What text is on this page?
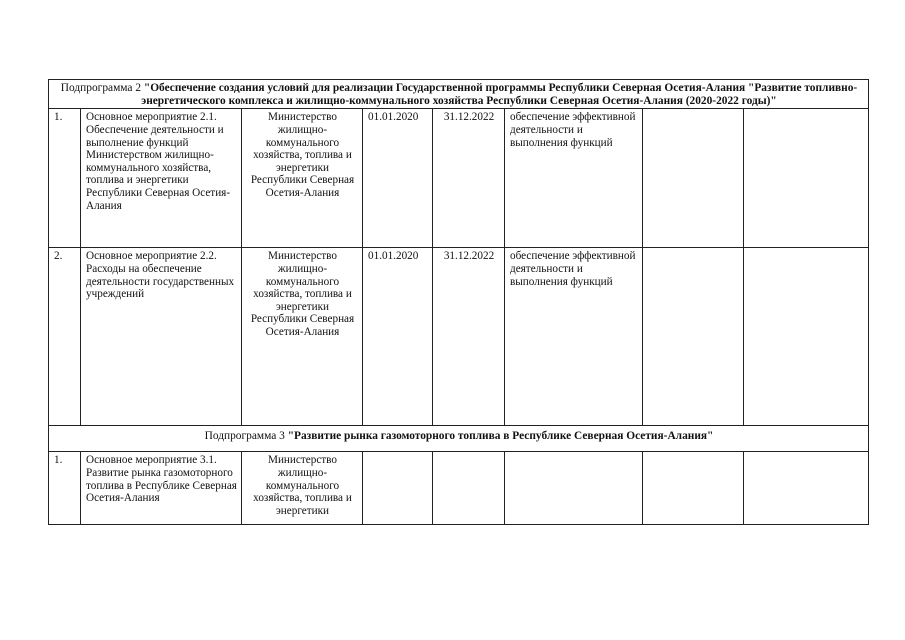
Подпрограмма 2 "Обеспечение создания условий для реализации Государственной программы Республики Северная Осетия-Алания "Развитие топливно-энергетического комплекса и жилищно-коммунального хозяйства Республики Северная Осетия-Алания (2020-2022 годы)"							
1.	Основное мероприятие 2.1. Обеспечение деятельности и выполнение функций Министерством жилищно-коммунального хозяйства, топлива и энергетики Республики Северная Осетия-Алания	Министерство жилищно-коммунального хозяйства, топлива и энергетики Республики Северная Осетия-Алания	01.01.2020	31.12.2022	обеспечение эффективной деятельности и выполнения функций		
2.	Основное мероприятие 2.2. Расходы на обеспечение деятельности государственных учреждений	Министерство жилищно-коммунального хозяйства, топлива и энергетики Республики Северная Осетия-Алания	01.01.2020	31.12.2022	обеспечение эффективной деятельности и выполнения функций		
Подпрограмма 3 "Развитие рынка газомоторного топлива в Республике Северная Осетия-Алания"							
1.	Основное мероприятие 3.1. Развитие рынка газомоторного топлива в Республике Северная Осетия-Алания	Министерство жилищно-коммунального хозяйства, топлива и энергетики					
